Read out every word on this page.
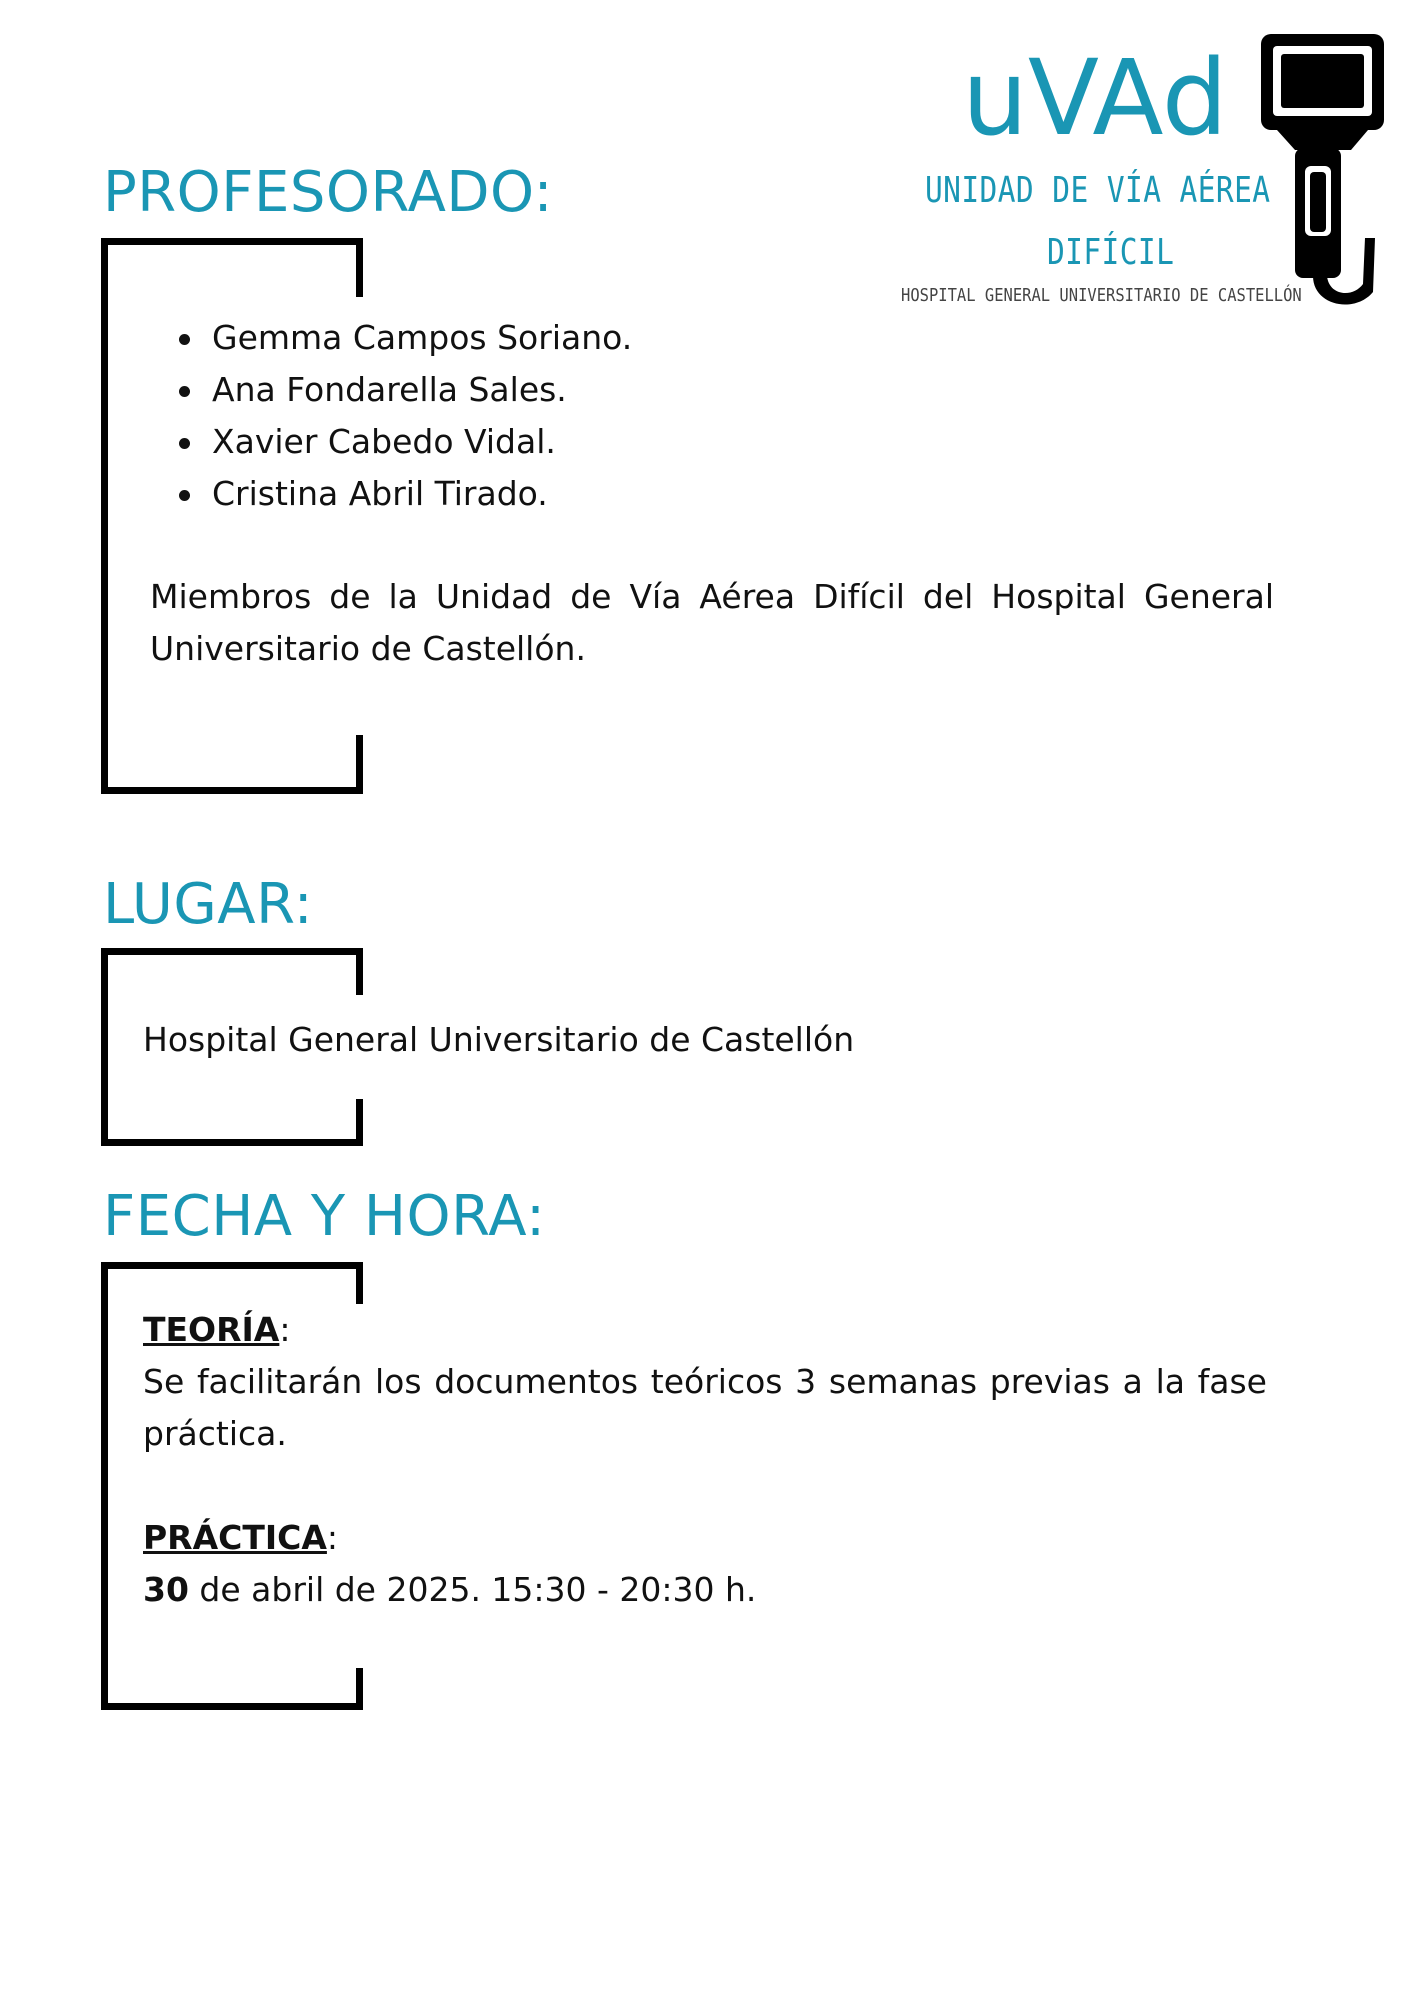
uVAd
UNIDAD DE VÍA AÉREA
DIFÍCIL
HOSPITAL GENERAL UNIVERSITARIO DE CASTELLÓN
PROFESORADO:
Gemma Campos Soriano.
Ana Fondarella Sales.
Xavier Cabedo Vidal.
Cristina Abril Tirado.

Miembros de la Unidad de Vía Aérea Difícil del Hospital General Universitario de Castellón.

LUGAR:

Hospital General Universitario de Castellón

FECHA Y HORA:
TEORÍA:
Se facilitarán los documentos teóricos 3 semanas previas a la fase práctica.
PRÁCTICA:
30 de abril de 2025. 15:30 - 20:30 h.
